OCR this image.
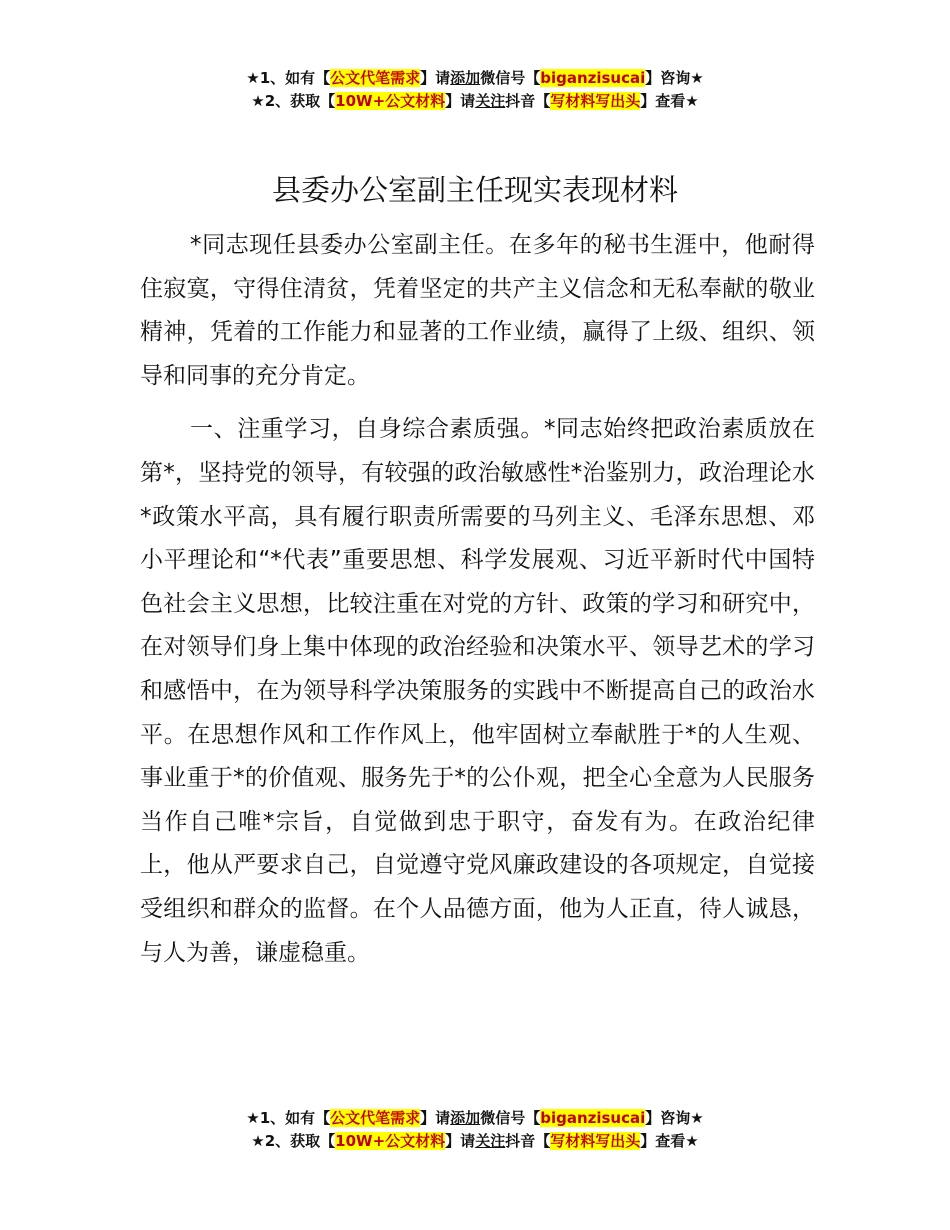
★1、如有【公文代笔需求】请添加微信号【biganzisucai】咨询★
★2、获取【10W+公文材料】请关注抖音【写材料写出头】查看★
县委办公室副主任现实表现材料

*同志现任县委办公室副主任。在多年的秘书生涯中，他耐得住寂寞，守得住清贫，凭着坚定的共产主义信念和无私奉献的敬业精神，凭着的工作能力和显著的工作业绩，赢得了上级、组织、领导和同事的充分肯定。

一、注重学习，自身综合素质强。*同志始终把政治素质放在第*，坚持党的领导，有较强的政治敏感性*治鉴别力，政治理论水*政策水平高，具有履行职责所需要的马列主义、毛泽东思想、邓小平理论和“*代表”重要思想、科学发展观、习近平新时代中国特色社会主义思想，比较注重在对党的方针、政策的学习和研究中，在对领导们身上集中体现的政治经验和决策水平、领导艺术的学习和感悟中，在为领导科学决策服务的实践中不断提高自己的政治水平。在思想作风和工作作风上，他牢固树立奉献胜于*的人生观、事业重于*的价值观、服务先于*的公仆观，把全心全意为人民服务当作自己唯*宗旨，自觉做到忠于职守，奋发有为。在政治纪律上，他从严要求自己，自觉遵守党风廉政建设的各项规定，自觉接受组织和群众的监督。在个人品德方面，他为人正直，待人诚恳，与人为善，谦虚稳重。

★1、如有【公文代笔需求】请添加微信号【biganzisucai】咨询★
★2、获取【10W+公文材料】请关注抖音【写材料写出头】查看★
